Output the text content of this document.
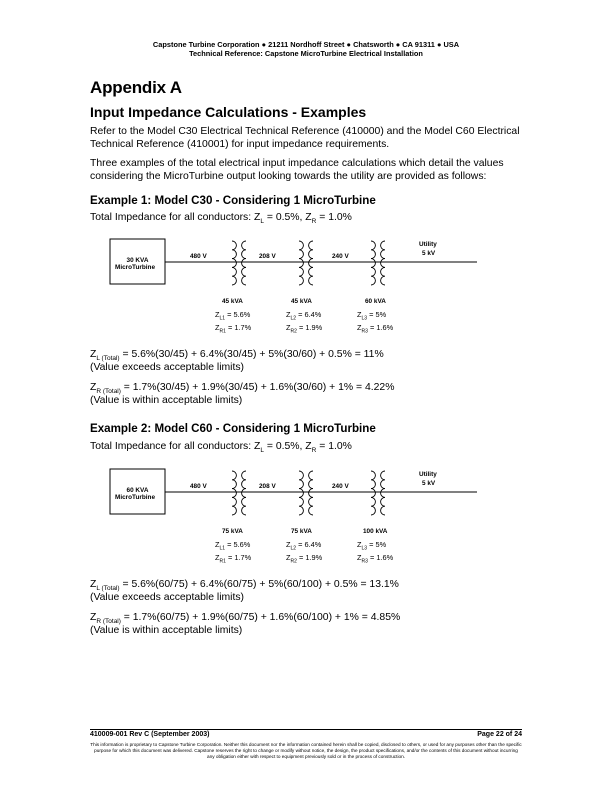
Capstone Turbine Corporation ● 21211 Nordhoff Street ● Chatsworth ● CA 91311 ● USA
Technical Reference: Capstone MicroTurbine Electrical Installation
Appendix A
Input Impedance Calculations - Examples
Refer to the Model C30 Electrical Technical Reference (410000) and the Model C60 Electrical Technical Reference (410001) for input impedance requirements.
Three examples of the total electrical input impedance calculations which detail the values considering the MicroTurbine output looking towards the utility are provided as follows:
Example 1: Model C30 - Considering 1 MicroTurbine
Total Impedance for all conductors: $Z_L = 0.5\%$, $Z_R = 1.0\%$
30 KVA
MicroTurbine
480 V	208 V	240 V
Utility
5 kV
45 kVA
$Z_{L1} = 5.6\%$
$Z_{R1} = 1.7\%$
45 kVA
$Z_{L2} = 6.4\%$
$Z_{R2} = 1.9\%$
60 kVA
$Z_{L3} = 5\%$
$Z_{R3} = 1.6\%$
$Z_{L (Total)} = 5.6\%(30/45) + 6.4\%(30/45) + 5\%(30/60) + 0.5\% = 11\%$
(Value exceeds acceptable limits)
$Z_{R (Total)} = 1.7\%(30/45) + 1.9\%(30/45) + 1.6\%(30/60) + 1\% = 4.22\%$
(Value is within acceptable limits)
Example 2: Model C60 - Considering 1 MicroTurbine
Total Impedance for all conductors: $Z_L = 0.5\%$, $Z_R = 1.0\%$
60 KVA
MicroTurbine
480 V	208 V	240 V
Utility
5 kV
75 kVA
$Z_{L1} = 5.6\%$
$Z_{R1} = 1.7\%$
75 kVA
$Z_{L2} = 6.4\%$
$Z_{R2} = 1.9\%$
100 kVA
$Z_{L3} = 5\%$
$Z_{R3} = 1.6\%$
$Z_{L (Total)} = 5.6\%(60/75) + 6.4\%(60/75) + 5\%(60/100) + 0.5\% = 13.1\%$
(Value exceeds acceptable limits)
$Z_{R (Total)} = 1.7\%(60/75) + 1.9\%(60/75) + 1.6\%(60/100) + 1\% = 4.85\%$
(Value is within acceptable limits)
410009-001 Rev C (September 2003)	Page 22 of 24
This information is proprietary to Capstone Turbine Corporation. Neither this document nor the information contained herein shall be copied, disclosed to others, or used for any purposes other than the specific purpose for which this document was delivered. Capstone reserves the right to change or modify without notice, the design, the product specifications, and/or the contents of this document without incurring any obligation either with respect to equipment previously sold or in the process of construction.
